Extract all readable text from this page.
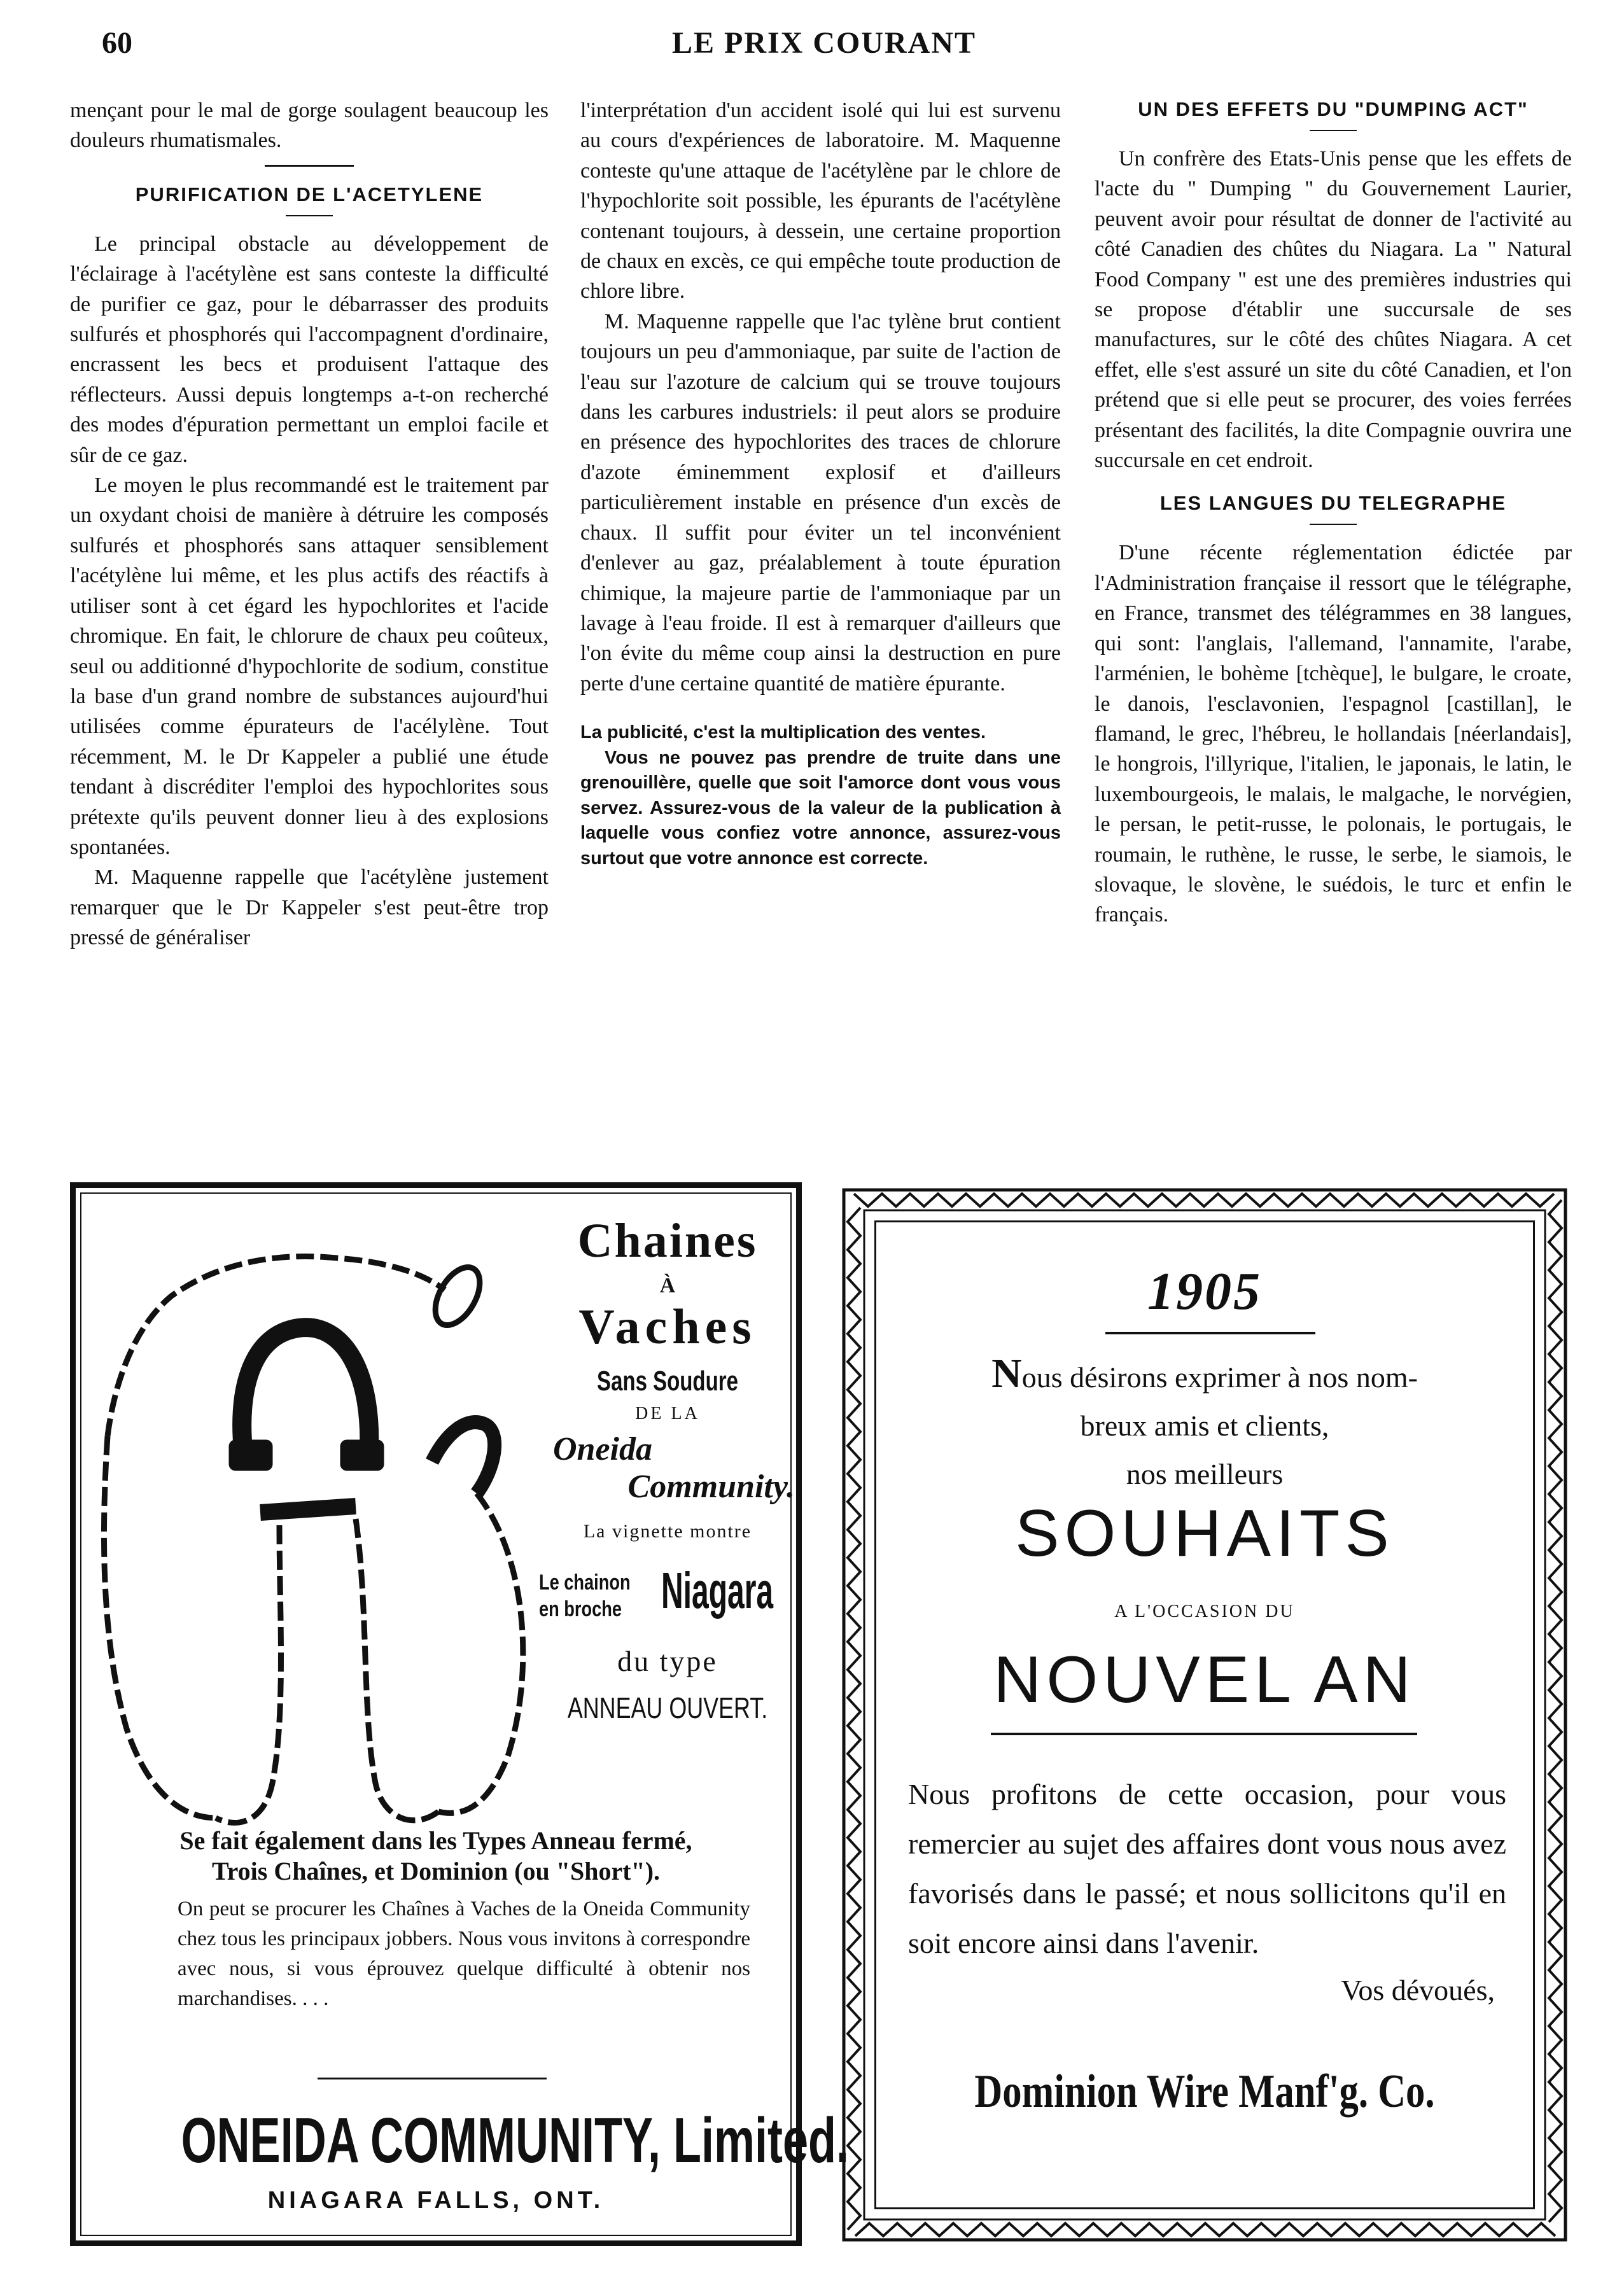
60	LE PRIX COURANT

mençant pour le mal de gorge soulagent beaucoup les douleurs rhumatismales.

PURIFICATION DE L'ACETYLENE

Le principal obstacle au développement de l'éclairage à l'acétylène est sans conteste la difficulté de purifier ce gaz, pour le débarrasser des produits sulfurés et phosphorés qui l'accompagnent d'ordinaire, encrassent les becs et produisent l'attaque des réflecteurs. Aussi depuis longtemps a-t-on recherché des modes d'épuration permettant un emploi facile et sûr de ce gaz.

Le moyen le plus recommandé est le traitement par un oxydant choisi de manière à détruire les composés sulfurés et phosphorés sans attaquer sensiblement l'acétylène lui même, et les plus actifs des réactifs à utiliser sont à cet égard les hypochlorites et l'acide chromique. En fait, le chlorure de chaux peu coûteux, seul ou additionné d'hypochlorite de sodium, constitue la base d'un grand nombre de substances aujourd'hui utilisées comme épurateurs de l'acélylène. Tout récemment, M. le Dr Kappeler a publié une étude tendant à discréditer l'emploi des hypochlorites sous prétexte qu'ils peuvent donner lieu à des explosions spontanées.

M. Maquenne rappelle que l'acétylène justement remarquer que le Dr Kappeler s'est peut-être trop pressé de généraliser

l'interprétation d'un accident isolé qui lui est survenu au cours d'expériences de laboratoire. M. Maquenne conteste qu'une attaque de l'acétylène par le chlore de l'hypochlorite soit possible, les épurants de l'acétylène contenant toujours, à dessein, une certaine proportion de chaux en excès, ce qui empêche toute production de chlore libre.

M. Maquenne rappelle que l'ac tylène brut contient toujours un peu d'ammoniaque, par suite de l'action de l'eau sur l'azoture de calcium qui se trouve toujours dans les carbures industriels: il peut alors se produire en présence des hypochlorites des traces de chlorure d'azote éminemment explosif et d'ailleurs particulièrement instable en présence d'un excès de chaux. Il suffit pour éviter un tel inconvénient d'enlever au gaz, préalablement à toute épuration chimique, la majeure partie de l'ammoniaque par un lavage à l'eau froide. Il est à remarquer d'ailleurs que l'on évite du même coup ainsi la destruction en pure perte d'une certaine quantité de matière épurante.

La publicité, c'est la multiplication des ventes.

Vous ne pouvez pas prendre de truite dans une grenouillère, quelle que soit l'amorce dont vous vous servez. Assurez-vous de la valeur de la publication à laquelle vous confiez votre annonce, assurez-vous surtout que votre annonce est correcte.

UN DES EFFETS DU "DUMPING ACT"

Un confrère des Etats-Unis pense que les effets de l'acte du " Dumping " du Gouvernement Laurier, peuvent avoir pour résultat de donner de l'activité au côté Canadien des chûtes du Niagara. La " Natural Food Company " est une des premières industries qui se propose d'établir une succursale de ses manufactures, sur le côté des chûtes Niagara. A cet effet, elle s'est assuré un site du côté Canadien, et l'on prétend que si elle peut se procurer, des voies ferrées présentant des facilités, la dite Compagnie ouvrira une succursale en cet endroit.

LES LANGUES DU TELEGRAPHE

D'une récente réglementation édictée par l'Administration française il ressort que le télégraphe, en France, transmet des télégrammes en 38 langues, qui sont: l'anglais, l'allemand, l'annamite, l'arabe, l'arménien, le bohème [tchèque], le bulgare, le croate, le danois, l'esclavonien, l'espagnol [castillan], le flamand, le grec, l'hébreu, le hollandais [néerlandais], le hongrois, l'illyrique, l'italien, le japonais, le latin, le luxembourgeois, le malais, le malgache, le norvégien, le persan, le petit-russe, le polonais, le portugais, le roumain, le ruthène, le russe, le serbe, le siamois, le slovaque, le slovène, le suédois, le turc et enfin le français.

Chaines
À
Vaches
Sans Soudure
DE LA
Oneida
Community.
La vignette montre
Le chainon
en broche Niagara
du type
ANNEAU OUVERT.
Se fait également dans les Types Anneau fermé,
Trois Chaînes, et Dominion (ou "Short").

On peut se procurer les Chaînes à Vaches de la Oneida Community chez tous les principaux jobbers. Nous vous invitons à correspondre avec nous, si vous éprouvez quelque difficulté à obtenir nos marchandises. . . .

ONEIDA COMMUNITY, Limited.
NIAGARA FALLS, ONT.
1905
Nous désirons exprimer à nos nom-
breux amis et clients,
nos meilleurs
SOUHAITS
A L'OCCASION DU
NOUVEL AN
Nous profitons de cette occasion, pour vous remercier au sujet des affaires dont vous nous avez favorisés dans le passé; et nous sollicitons qu'il en soit encore ainsi dans l'avenir.
Vos dévoués,
Dominion Wire Manf'g. Co.
